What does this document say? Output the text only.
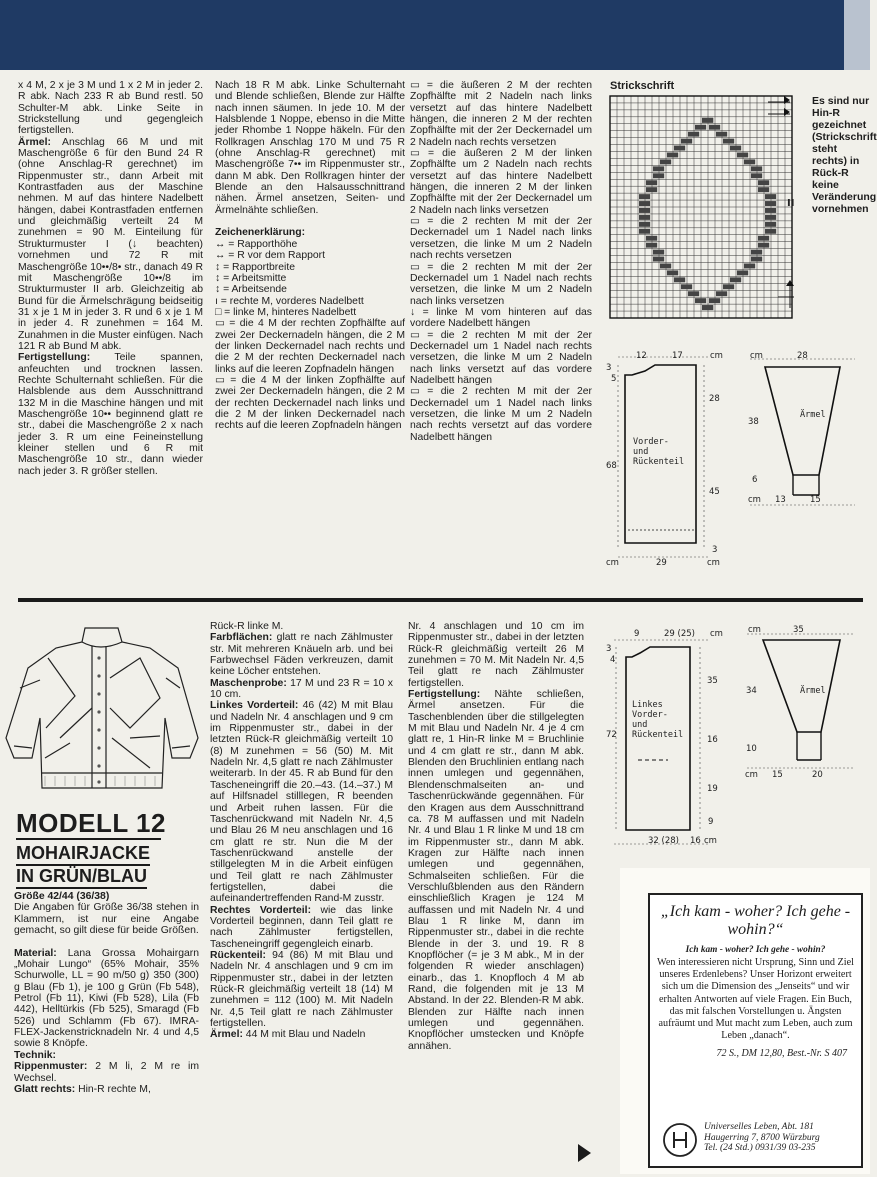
x 4 M, 2 x je 3 M und 1 x 2 M in jeder 2. R abk. Nach 233 R ab Bund restl. 50 Schulter-M abk. Linke Seite in Strickstellung und gegengleich fertigstellen.
Ärmel: Anschlag 66 M und mit Maschengröße 6 für den Bund 24 R (ohne Anschlag-R gerechnet) im Rippenmuster str., dann Arbeit mit Kontrastfaden aus der Maschine nehmen. M auf das hintere Nadelbett hängen, dabei Kontrastfaden entfernen und gleichmäßig verteilt 24 M zunehmen = 90 M. Einteilung für Strukturmuster I (↓ beachten) vornehmen und 72 R mit Maschengröße 10••/8• str., danach 49 R mit Maschengröße 10••/8 im Strukturmuster II arb. Gleichzeitig ab Bund für die Ärmelschrägung beidseitig 31 x je 1 M in jeder 3. R und 6 x je 1 M in jeder 4. R zunehmen = 164 M. Zunahmen in die Muster einfügen. Nach 121 R ab Bund M abk.
Fertigstellung: Teile spannen, anfeuchten und trocknen lassen. Rechte Schulternaht schließen. Für die Halsblende aus dem Ausschnittrand 132 M in die Maschine hängen und mit Maschengröße 10•• beginnend glatt re str., dabei die Maschengröße 2 x nach jeder 3. R um eine Feineinstellung kleiner stellen und 6 R mit Maschengröße 10 str., dann wieder nach jeder 3. R größer stellen.
Nach 18 R M abk. Linke Schulternaht und Blende schließen, Blende zur Hälfte nach innen säumen. In jede 10. M der Halsblende 1 Noppe, ebenso in die Mitte jeder Rhombe 1 Noppe häkeln. Für den Rollkragen Anschlag 170 M und 75 R (ohne Anschlag-R gerechnet) mit Maschengröße 7•• im Rippenmuster str., dann M abk. Den Rollkragen hinter der Blende an den Halsausschnittrand nähen. Ärmel ansetzen, Seiten- und Ärmelnähte schließen.

Zeichenerklärung:
↔ = Rapporthöhe
↔ = R vor dem Rapport
↕ = Rapportbreite
↕ = Arbeitsmitte
↕ = Arbeitsende
ı = rechte M, vorderes Nadelbett
□ = linke M, hinteres Nadelbett
▭ = die 4 M der rechten Zopfhälfte auf zwei 2er Deckernadeln hängen, die 2 M der linken Deckernadel nach rechts und die 2 M der rechten Deckernadel nach links auf die leeren Zopfnadeln hängen
▭ = die 4 M der linken Zopfhälfte auf zwei 2er Deckernadeln hängen, die 2 M der rechten Deckernadel nach links und die 2 M der linken Deckernadel nach rechts auf die leeren Zopfnadeln hängen
▭ = die äußeren 2 M der rechten Zopfhälfte mit 2 Nadeln nach links versetzt auf das hintere Nadelbett hängen, die inneren 2 M der rechten Zopfhälfte mit der 2er Deckernadel um 2 Nadeln nach rechts versetzen
▭ = die äußeren 2 M der linken Zopfhälfte um 2 Nadeln nach rechts versetzt auf das hintere Nadelbett hängen, die inneren 2 M der linken Zopfhälfte mit der 2er Deckernadel um 2 Nadeln nach links versetzen
▭ = die 2 rechten M mit der 2er Deckernadel um 1 Nadel nach links versetzen, die linke M um 2 Nadeln nach rechts versetzen
▭ = die 2 rechten M mit der 2er Deckernadel um 1 Nadel nach rechts versetzen, die linke M um 2 Nadeln nach links versetzen
↓ = linke M vom hinteren auf das vordere Nadelbett hängen
▭ = die 2 rechten M mit der 2er Deckernadel um 1 Nadel nach rechts versetzen, die linke M um 2 Nadeln nach links versetzt auf das vordere Nadelbett hängen
▭ = die 2 rechten M mit der 2er Deckernadel um 1 Nadel nach links versetzen, die linke M um 2 Nadeln nach rechts versetzt auf das vordere Nadelbett hängen
Strickschrift
Es sind nur Hin-R gezeichnet (Strickschrift steht rechts) in Rück-R keine Veränderung vornehmen
II
Vorder-
und
Rückenteil
12	17	cm
3
5
28
68
45
3
29
cm	cm
cm	28
Ärmel
38
6
13	15
cm
MODELL 12
MOHAIRJACKE
IN GRÜN/BLAU
Größe 42/44 (36/38)
Die Angaben für Größe 36/38 stehen in Klammern, ist nur eine Angabe gemacht, so gilt diese für beide Größen.

Material: Lana Grossa Mohairgarn „Mohair Lungo“ (65% Mohair, 35% Schurwolle, LL = 90 m/50 g) 350 (300) g Blau (Fb 1), je 100 g Grün (Fb 548), Petrol (Fb 11), Kiwi (Fb 528), Lila (Fb 442), Helltürkis (Fb 525), Smaragd (Fb 526) und Schlamm (Fb 67). IMRA-FLEX-Jackenstricknadeln Nr. 4 und 4,5 sowie 8 Knöpfe.
Technik:
Rippenmuster: 2 M li, 2 M re im Wechsel.
Glatt rechts: Hin-R rechte M,
Rück-R linke M.
Farbflächen: glatt re nach Zählmuster str. Mit mehreren Knäueln arb. und bei Farbwechsel Fäden verkreuzen, damit keine Löcher entstehen.
Maschenprobe: 17 M und 23 R = 10 x 10 cm.
Linkes Vorderteil: 46 (42) M mit Blau und Nadeln Nr. 4 anschlagen und 9 cm im Rippenmuster str., dabei in der letzten Rück-R gleichmäßig verteilt 10 (8) M zunehmen = 56 (50) M. Mit Nadeln Nr. 4,5 glatt re nach Zählmuster weiterarb. In der 45. R ab Bund für den Tascheneingriff die 20.–43. (14.–37.) M auf Hilfsnadel stilllegen, R beenden und Arbeit ruhen lassen. Für die Taschenrückwand mit Nadeln Nr. 4,5 und Blau 26 M neu anschlagen und 16 cm glatt re str. Nun die M der Taschenrückwand anstelle der stillgelegten M in die Arbeit einfügen und Teil glatt re nach Zählmuster fertigstellen, dabei die aufeinandertreffenden Rand-M zusstr.
Rechtes Vorderteil: wie das linke Vorderteil beginnen, dann Teil glatt re nach Zählmuster fertigstellen, Tascheneingriff gegengleich einarb.
Rückenteil: 94 (86) M mit Blau und Nadeln Nr. 4 anschlagen und 9 cm im Rippenmuster str., dabei in der letzten Rück-R gleichmäßig verteilt 18 (14) M zunehmen = 112 (100) M. Mit Nadeln Nr. 4,5 Teil glatt re nach Zählmuster fertigstellen.
Ärmel: 44 M mit Blau und Nadeln
Nr. 4 anschlagen und 10 cm im Rippenmuster str., dabei in der letzten Rück-R gleichmäßig verteilt 26 M zunehmen = 70 M. Mit Nadeln Nr. 4,5 Teil glatt re nach Zählmuster fertigstellen.
Fertigstellung: Nähte schließen, Ärmel ansetzen. Für die Taschenblenden über die stillgelegten M mit Blau und Nadeln Nr. 4 je 4 cm glatt re, 1 Hin-R linke M = Bruchlinie und 4 cm glatt re str., dann M abk. Blenden den Bruchlinien entlang nach innen umlegen und gegennähen, Blendenschmalseiten an- und Taschenrückwände gegennähen. Für den Kragen aus dem Ausschnittrand ca. 78 M auffassen und mit Nadeln Nr. 4 und Blau 1 R linke M und 18 cm im Rippenmuster str., dann M abk. Kragen zur Hälfte nach innen umlegen und gegennähen, Schmalseiten schließen. Für die Verschlußblenden aus den Rändern einschließlich Kragen je 124 M auffassen und mit Nadeln Nr. 4 und Blau 1 R linke M, dann im Rippenmuster str., dabei in die rechte Blende in der 3. und 19. R 8 Knopflöcher (= je 3 M abk., M in der folgenden R wieder anschlagen) einarb., das 1. Knopfloch 4 M ab Rand, die folgenden mit je 13 M Abstand. In der 22. Blenden-R M abk. Blenden zur Hälfte nach innen umlegen und gegennähen. Knopflöcher umstecken und Knöpfe annähen.
Linkes
Vorder-
und
Rückenteil
9	29 (25) cm
3
4
35
72	16
19
9
32 (28) 16 cm
cm	35
Ärmel
34
10
15	20
cm
„Ich kam - woher? Ich gehe - wohin?“
Ich kam - woher? Ich gehe - wohin?
Wen interessieren nicht Ursprung, Sinn und Ziel unseres Erdenlebens? Unser Horizont erweitert sich um die Dimension des „Jenseits“ und wir erhalten Antworten auf viele Fragen. Ein Buch, das mit falschen Vorstellungen u. Ängsten aufräumt und Mut macht zum Leben, auch zum Leben „danach“.
72 S., DM 12,80, Best.-Nr. S 407
Universelles Leben, Abt. 181
Haugerring 7, 8700 Würzburg
Tel. (24 Std.) 0931/39 03-235
